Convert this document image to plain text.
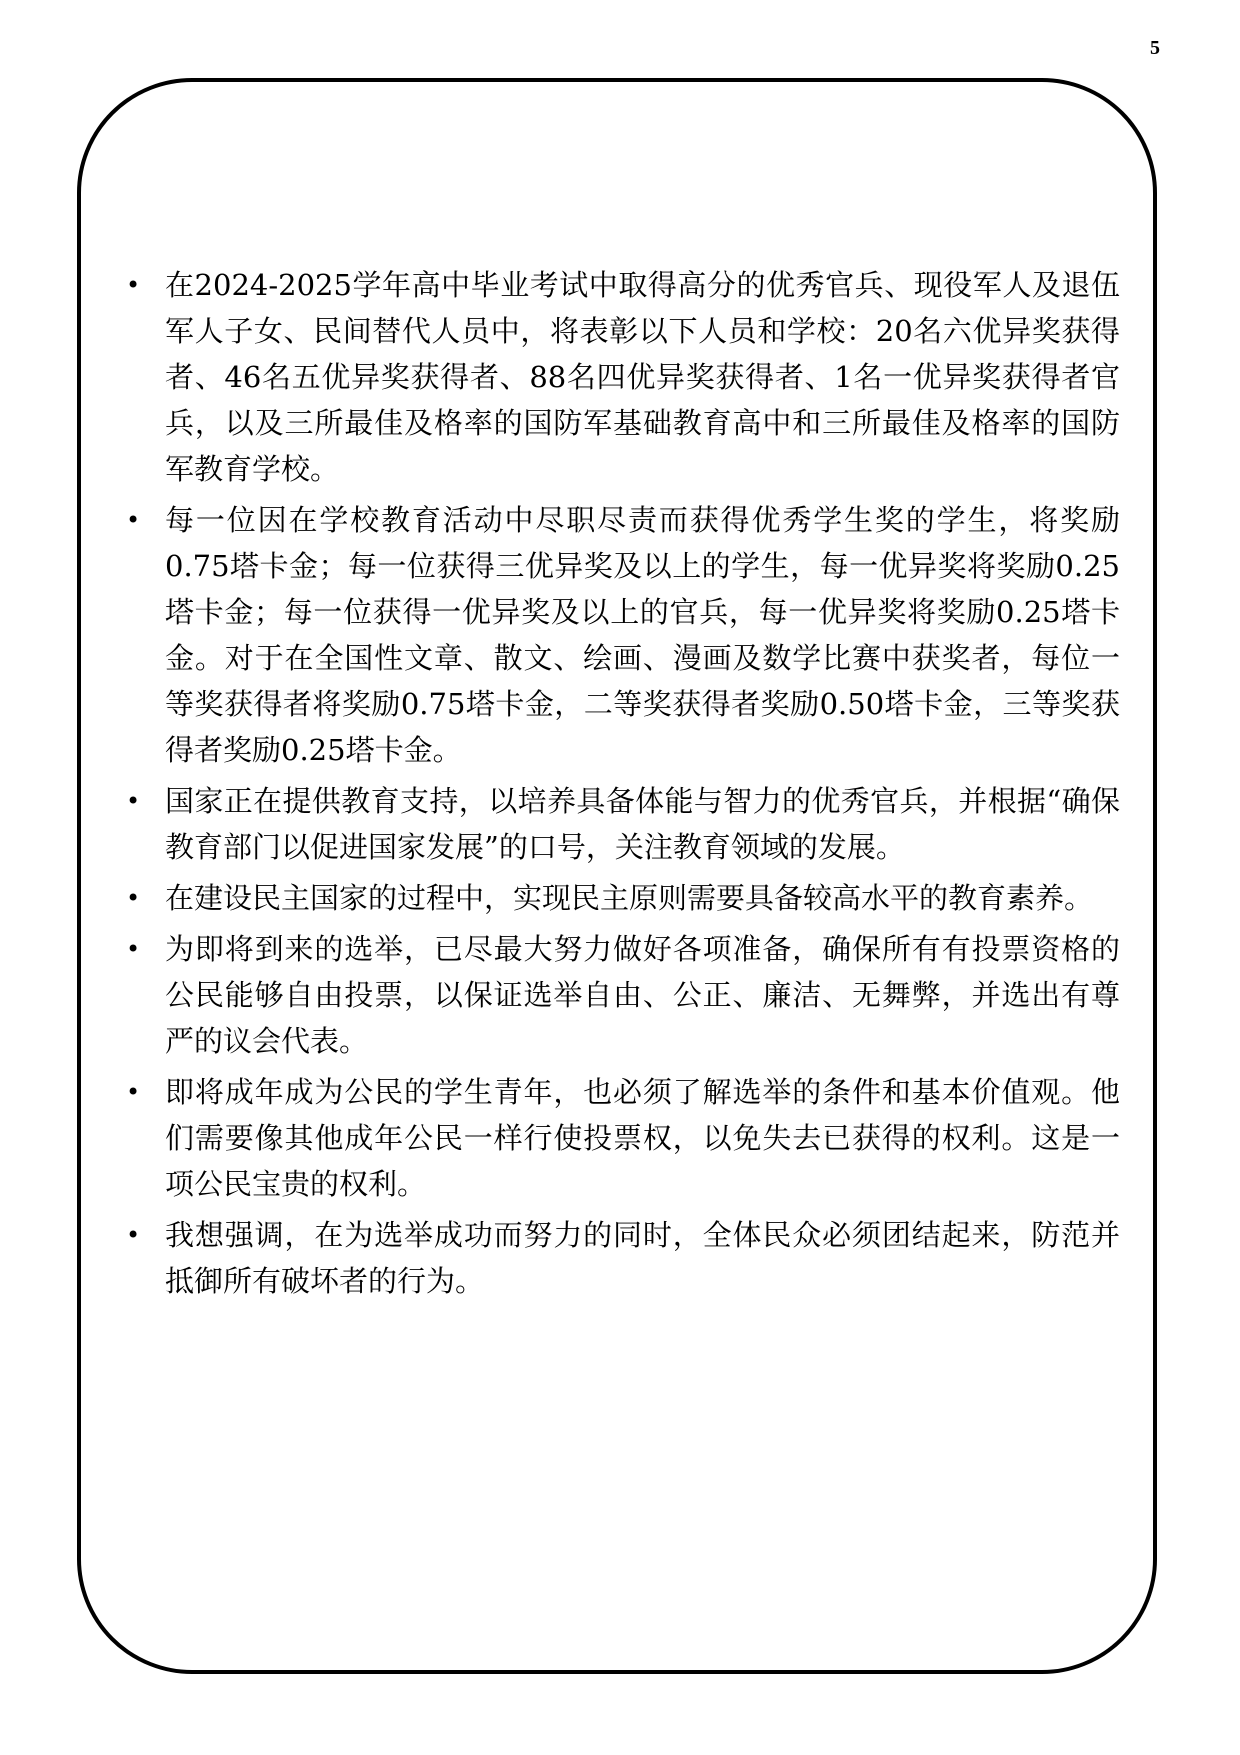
5
• 在2024-2025学年高中毕业考试中取得高分的优秀官兵、现役军人及退伍军人子女、民间替代人员中，将表彰以下人员和学校：20名六优异奖获得者、46名五优异奖获得者、88名四优异奖获得者、1名一优异奖获得者官兵，以及三所最佳及格率的国防军基础教育高中和三所最佳及格率的国防军教育学校。
• 每一位因在学校教育活动中尽职尽责而获得优秀学生奖的学生，将奖励0.75塔卡金；每一位获得三优异奖及以上的学生，每一优异奖将奖励0.25塔卡金；每一位获得一优异奖及以上的官兵，每一优异奖将奖励0.25塔卡金。对于在全国性文章、散文、绘画、漫画及数学比赛中获奖者，每位一等奖获得者将奖励0.75塔卡金，二等奖获得者奖励0.50塔卡金，三等奖获得者奖励0.25塔卡金。
• 国家正在提供教育支持，以培养具备体能与智力的优秀官兵，并根据“确保教育部门以促进国家发展”的口号，关注教育领域的发展。
• 在建设民主国家的过程中，实现民主原则需要具备较高水平的教育素养。
• 为即将到来的选举，已尽最大努力做好各项准备，确保所有有投票资格的公民能够自由投票，以保证选举自由、公正、廉洁、无舞弊，并选出有尊严的议会代表。
• 即将成年成为公民的学生青年，也必须了解选举的条件和基本价值观。他们需要像其他成年公民一样行使投票权，以免失去已获得的权利。这是一项公民宝贵的权利。
• 我想强调，在为选举成功而努力的同时，全体民众必须团结起来，防范并抵御所有破坏者的行为。
